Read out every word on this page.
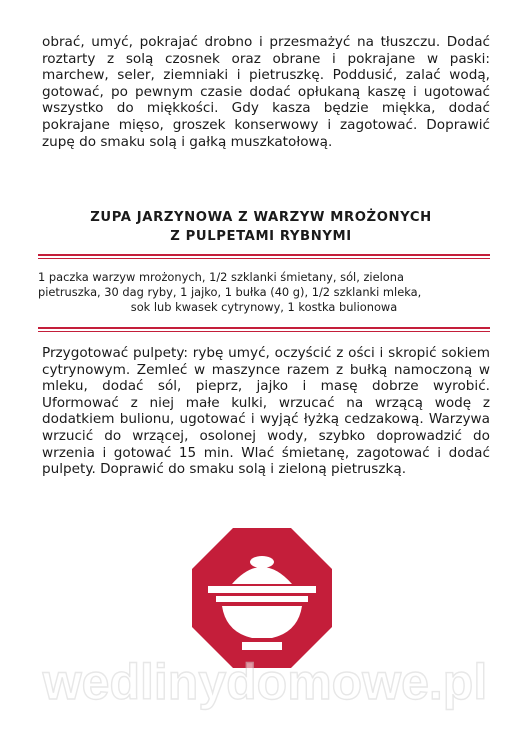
obrać, umyć, pokrajać drobno i przesmażyć na tłuszczu. Dodać roztarty z solą czosnek oraz obrane i pokrajane w paski: marchew, seler, ziemniaki i pietruszkę. Poddusić, zalać wodą, gotować, po pewnym czasie dodać opłukaną kaszę i ugotować wszystko do miękkości. Gdy kasza będzie miękka, dodać pokrajane mięso, groszek konserwowy i zagotować. Doprawić zupę do smaku solą i gałką muszkatołową.

ZUPA JARZYNOWA Z WARZYW MROŻONYCH
Z PULPETAMI RYBNYMI

1 paczka warzyw mrożonych, 1/2 szklanki śmietany, sól, zielona

pietruszka, 30 dag ryby, 1 jajko, 1 bułka (40 g), 1/2 szklanki mleka,

sok lub kwasek cytrynowy, 1 kostka bulionowa

Przygotować pulpety: rybę umyć, oczyścić z ości i skropić sokiem cytrynowym. Zemleć w maszynce razem z bułką namoczoną w mleku, dodać sól, pieprz, jajko i masę dobrze wyrobić. Uformować z niej małe kulki, wrzucać na wrzącą wodę z dodatkiem bulionu, ugotować i wyjąć łyżką cedzakową. Warzywa wrzucić do wrzącej, osolonej wody, szybko doprowadzić do wrzenia i gotować 15 min. Wlać śmietanę, zagotować i dodać pulpety. Doprawić do smaku solą i zieloną pietruszką.

wedlinydomowe.pl
